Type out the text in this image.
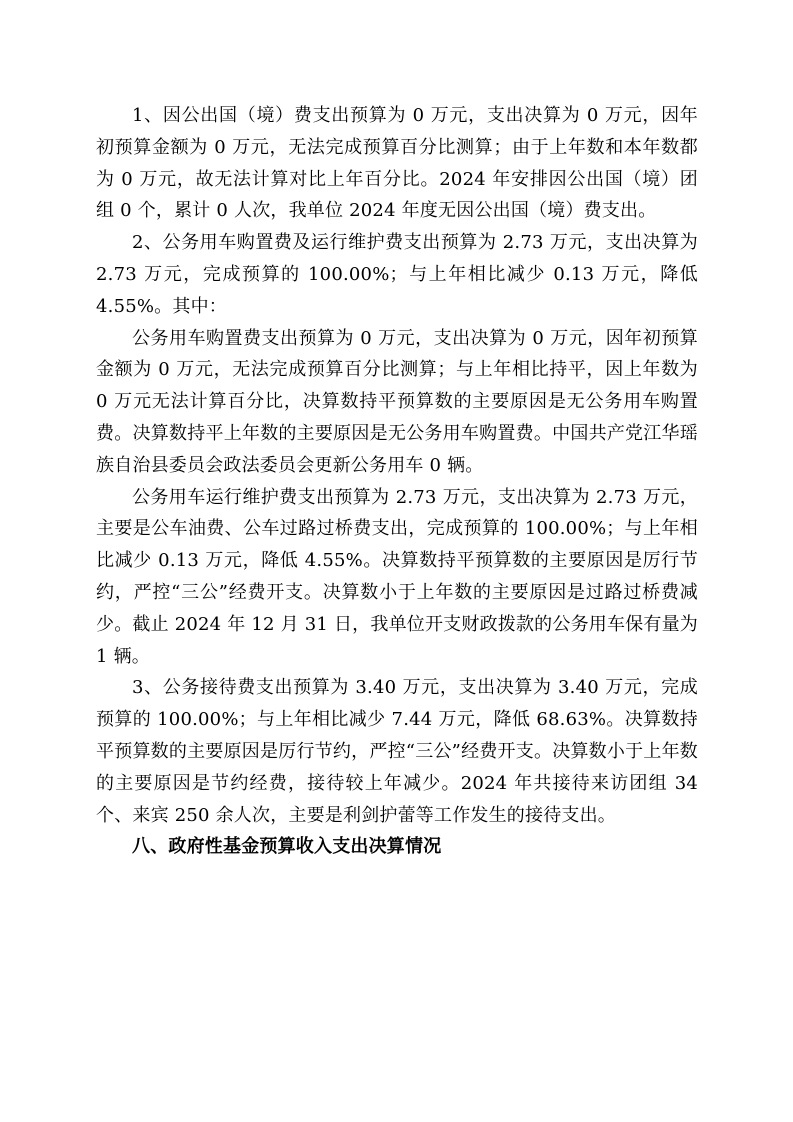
1、因公出国（境）费支出预算为 0 万元，支出决算为 0 万元，因年初预算金额为 0 万元，无法完成预算百分比测算；由于上年数和本年数都为 0 万元，故无法计算对比上年百分比。2024 年安排因公出国（境）团组 0 个，累计 0 人次，我单位 2024 年度无因公出国（境）费支出。

2、公务用车购置费及运行维护费支出预算为 2.73 万元，支出决算为 2.73 万元，完成预算的 100.00%；与上年相比减少 0.13 万元，降低 4.55%。其中：

公务用车购置费支出预算为 0 万元，支出决算为 0 万元，因年初预算金额为 0 万元，无法完成预算百分比测算；与上年相比持平，因上年数为 0 万元无法计算百分比，决算数持平预算数的主要原因是无公务用车购置费。决算数持平上年数的主要原因是无公务用车购置费。中国共产党江华瑶族自治县委员会政法委员会更新公务用车 0 辆。

公务用车运行维护费支出预算为 2.73 万元，支出决算为 2.73 万元，主要是公车油费、公车过路过桥费支出，完成预算的 100.00%；与上年相比减少 0.13 万元，降低 4.55%。决算数持平预算数的主要原因是厉行节约，严控“三公”经费开支。决算数小于上年数的主要原因是过路过桥费减少。截止 2024 年 12 月 31 日，我单位开支财政拨款的公务用车保有量为 1 辆。

3、公务接待费支出预算为 3.40 万元，支出决算为 3.40 万元，完成预算的 100.00%；与上年相比减少 7.44 万元，降低 68.63%。决算数持平预算数的主要原因是厉行节约，严控“三公”经费开支。决算数小于上年数的主要原因是节约经费，接待较上年减少。2024 年共接待来访团组 34 个、来宾 250 余人次，主要是利剑护蕾等工作发生的接待支出。

八、政府性基金预算收入支出决算情况
